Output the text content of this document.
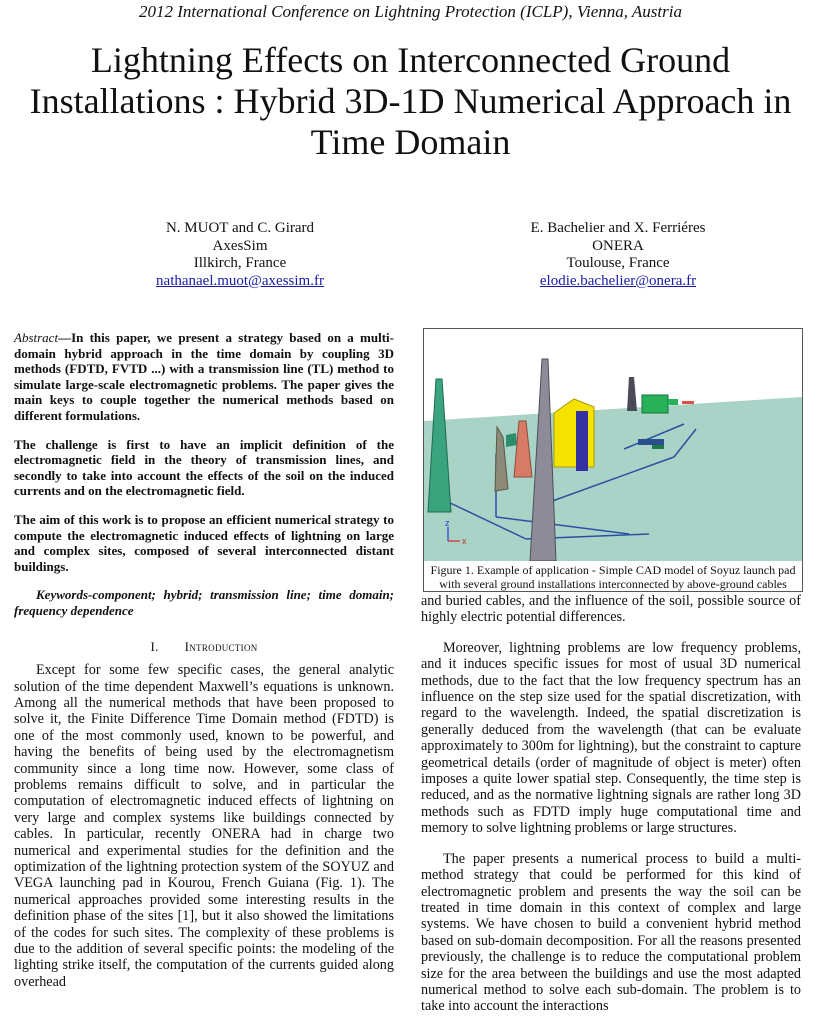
2012 International Conference on Lightning Protection (ICLP), Vienna, Austria
Lightning Effects on Interconnected Ground Installations : Hybrid 3D-1D Numerical Approach in Time Domain
N. MUOT and C. Girard
AxesSim
Illkirch, France
nathanael.muot@axessim.fr
E. Bachelier and X. Ferriéres
ONERA
Toulouse, France
elodie.bachelier@onera.fr

Abstract—In this paper, we present a strategy based on a multi-domain hybrid approach in the time domain by coupling 3D methods (FDTD, FVTD ...) with a transmission line (TL) method to simulate large-scale electromagnetic problems. The paper gives the main keys to couple together the numerical methods based on different formulations.

The challenge is first to have an implicit definition of the electromagnetic field in the theory of transmission lines, and secondly to take into account the effects of the soil on the induced currents and on the electromagnetic field.

The aim of this work is to propose an efficient numerical strategy to compute the electromagnetic induced effects of lightning on large and complex sites, composed of several interconnected distant buildings.

Keywords-component; hybrid; transmission line; time domain; frequency dependence

I. Introduction

Except for some few specific cases, the general analytic solution of the time dependent Maxwell’s equations is unknown. Among all the numerical methods that have been proposed to solve it, the Finite Difference Time Domain method (FDTD) is one of the most commonly used, known to be powerful, and having the benefits of being used by the electromagnetism community since a long time now. However, some class of problems remains difficult to solve, and in particular the computation of electromagnetic induced effects of lightning on very large and complex systems like buildings connected by cables. In particular, recently ONERA had in charge two numerical and experimental studies for the definition and the optimization of the lightning protection system of the SOYUZ and VEGA launching pad in Kourou, French Guiana (Fig. 1). The numerical approaches provided some interesting results in the definition phase of the sites [1], but it also showed the limitations of the codes for such sites. The complexity of these problems is due to the addition of several specific points: the modeling of the lighting strike itself, the computation of the currents guided along overhead

z
x
Figure 1. Example of application - Simple CAD model of Soyuz launch pad with several ground installations interconnected by above-ground cables

and buried cables, and the influence of the soil, possible source of highly electric potential differences.

Moreover, lightning problems are low frequency problems, and it induces specific issues for most of usual 3D numerical methods, due to the fact that the low frequency spectrum has an influence on the step size used for the spatial discretization, with regard to the wavelength. Indeed, the spatial discretization is generally deduced from the wavelength (that can be evaluate approximately to 300m for lightning), but the constraint to capture geometrical details (order of magnitude of object is meter) often imposes a quite lower spatial step. Consequently, the time step is reduced, and as the normative lightning signals are rather long 3D methods such as FDTD imply huge computational time and memory to solve lightning problems or large structures.

The paper presents a numerical process to build a multi-method strategy that could be performed for this kind of electromagnetic problem and presents the way the soil can be treated in time domain in this context of complex and large systems. We have chosen to build a convenient hybrid method based on sub-domain decomposition. For all the reasons presented previously, the challenge is to reduce the computational problem size for the area between the buildings and use the most adapted numerical method to solve each sub-domain. The problem is to take into account the interactions
